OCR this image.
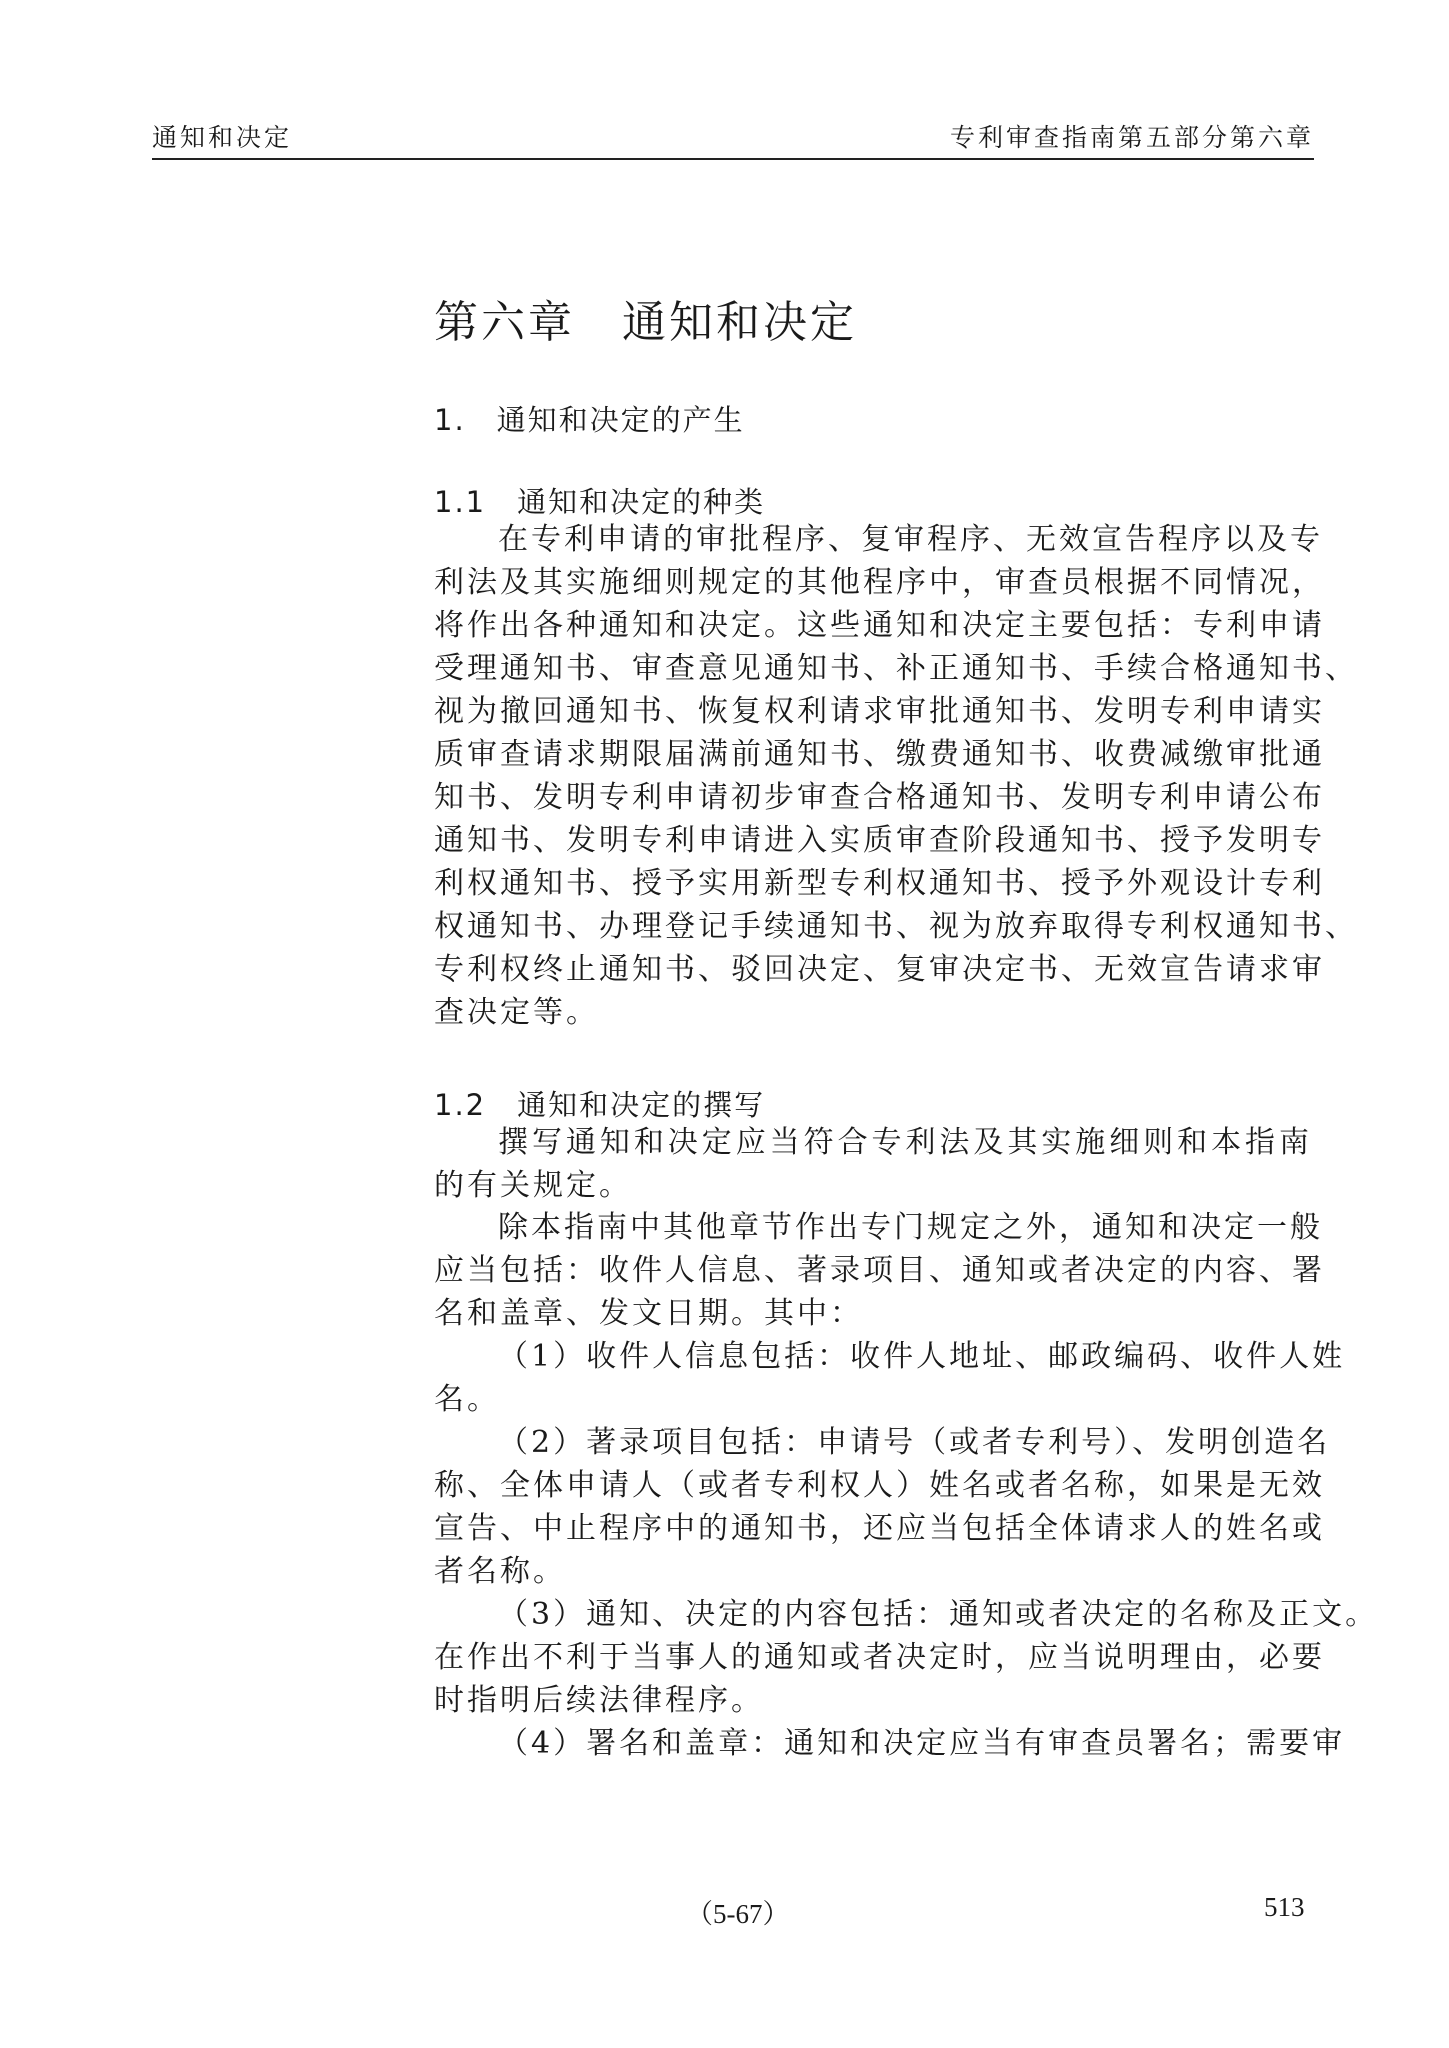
通知和决定	专利审查指南第五部分第六章
第六章　通知和决定
1.　通知和决定的产生
1.1　通知和决定的种类
在专利申请的审批程序、复审程序、无效宣告程序以及专
利法及其实施细则规定的其他程序中，审查员根据不同情况，
将作出各种通知和决定。这些通知和决定主要包括：专利申请
受理通知书、审查意见通知书、补正通知书、手续合格通知书、
视为撤回通知书、恢复权利请求审批通知书、发明专利申请实
质审查请求期限届满前通知书、缴费通知书、收费减缴审批通
知书、发明专利申请初步审查合格通知书、发明专利申请公布
通知书、发明专利申请进入实质审查阶段通知书、授予发明专
利权通知书、授予实用新型专利权通知书、授予外观设计专利
权通知书、办理登记手续通知书、视为放弃取得专利权通知书、
专利权终止通知书、驳回决定、复审决定书、无效宣告请求审
查决定等。
1.2　通知和决定的撰写
撰写通知和决定应当符合专利法及其实施细则和本指南
的有关规定。
除本指南中其他章节作出专门规定之外，通知和决定一般
应当包括：收件人信息、著录项目、通知或者决定的内容、署
名和盖章、发文日期。其中：
（1）收件人信息包括：收件人地址、邮政编码、收件人姓
名。
（2）著录项目包括：申请号（或者专利号）、发明创造名
称、全体申请人（或者专利权人）姓名或者名称，如果是无效
宣告、中止程序中的通知书，还应当包括全体请求人的姓名或
者名称。
（3）通知、决定的内容包括：通知或者决定的名称及正文。
在作出不利于当事人的通知或者决定时，应当说明理由，必要
时指明后续法律程序。
（4）署名和盖章：通知和决定应当有审查员署名；需要审
（5-67）	513
